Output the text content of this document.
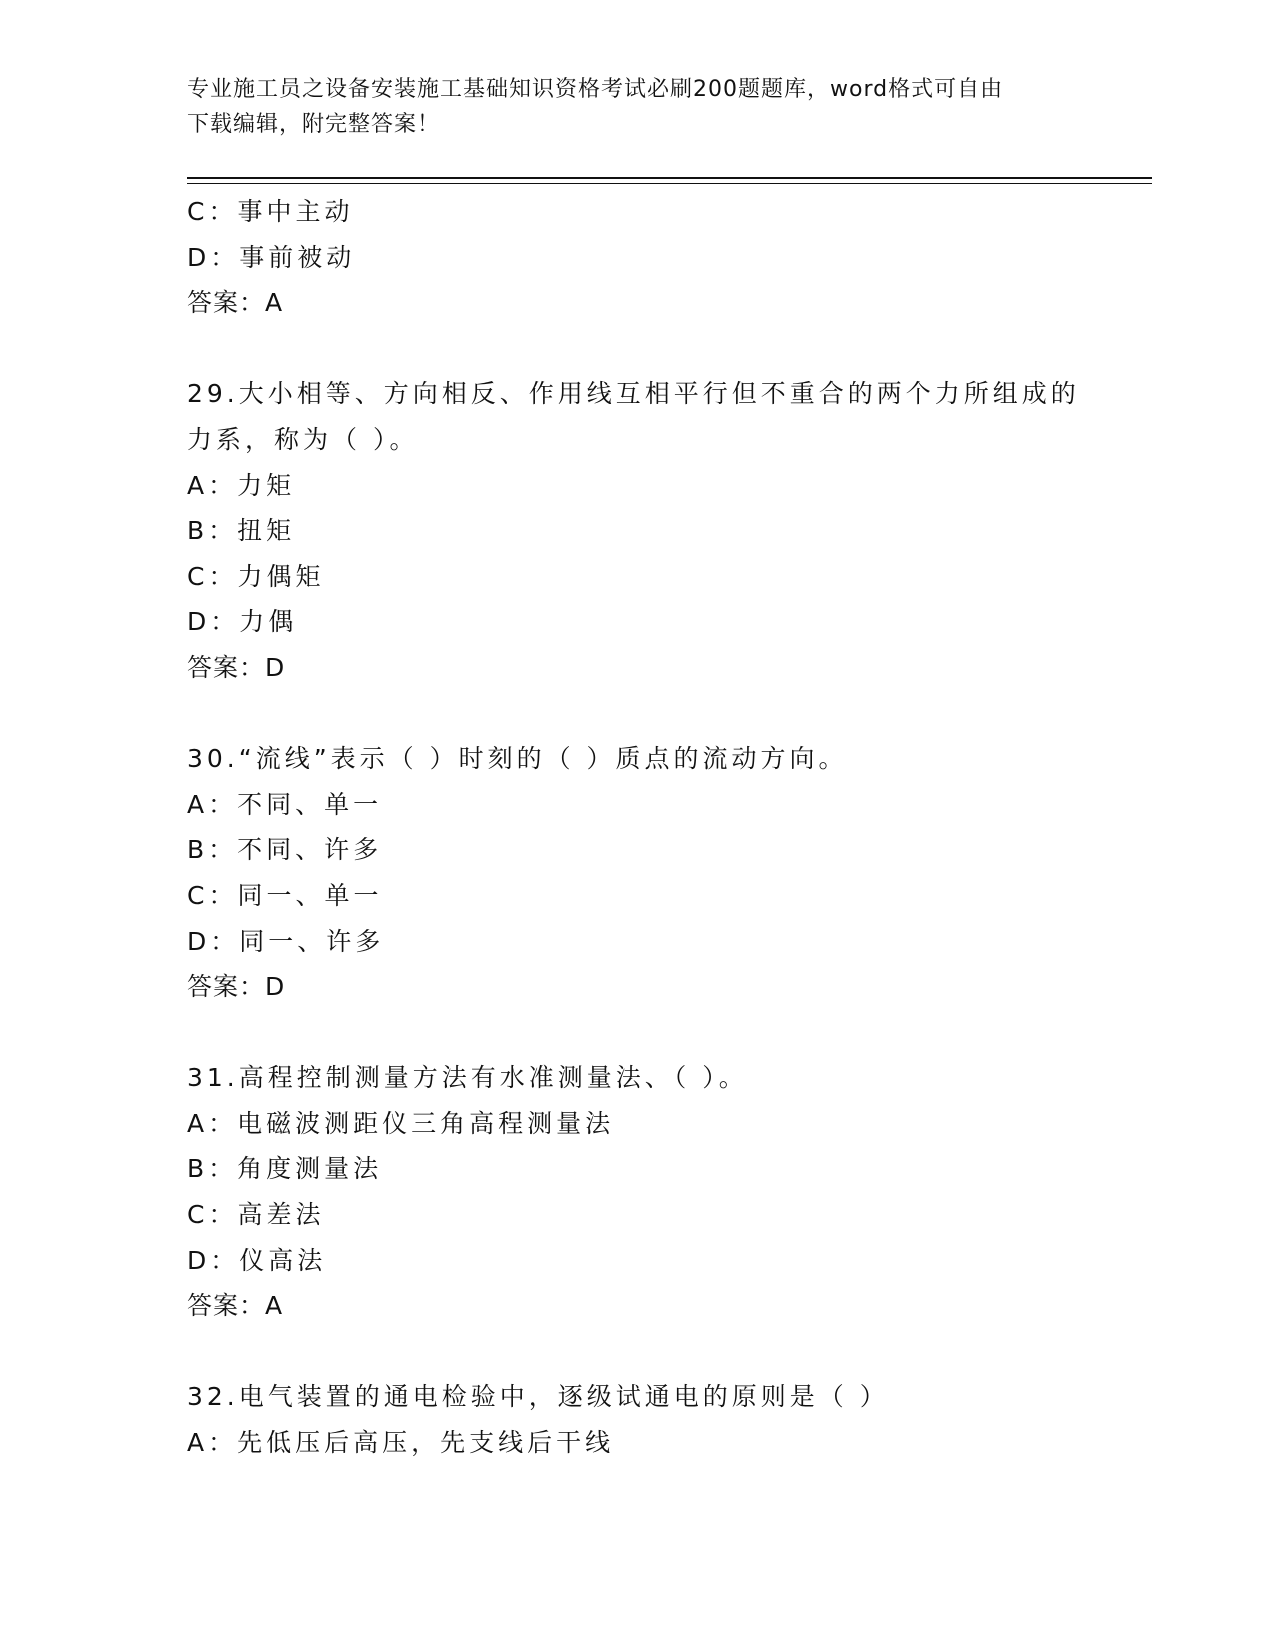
专业施工员之设备安装施工基础知识资格考试必刷200题题库，word格式可自由
下载编辑，附完整答案！
C：事中主动
D：事前被动
答案：A
29.大小相等、方向相反、作用线互相平行但不重合的两个力所组成的
力系，称为（ ）。
A：力矩
B：扭矩
C：力偶矩
D：力偶
答案：D
30.“流线”表示（ ）时刻的（ ）质点的流动方向。
A：不同、单一
B：不同、许多
C：同一、单一
D：同一、许多
答案：D
31.高程控制测量方法有水准测量法、（ ）。
A：电磁波测距仪三角高程测量法
B：角度测量法
C：高差法
D：仪高法
答案：A
32.电气装置的通电检验中，逐级试通电的原则是（ ）
A：先低压后高压，先支线后干线
